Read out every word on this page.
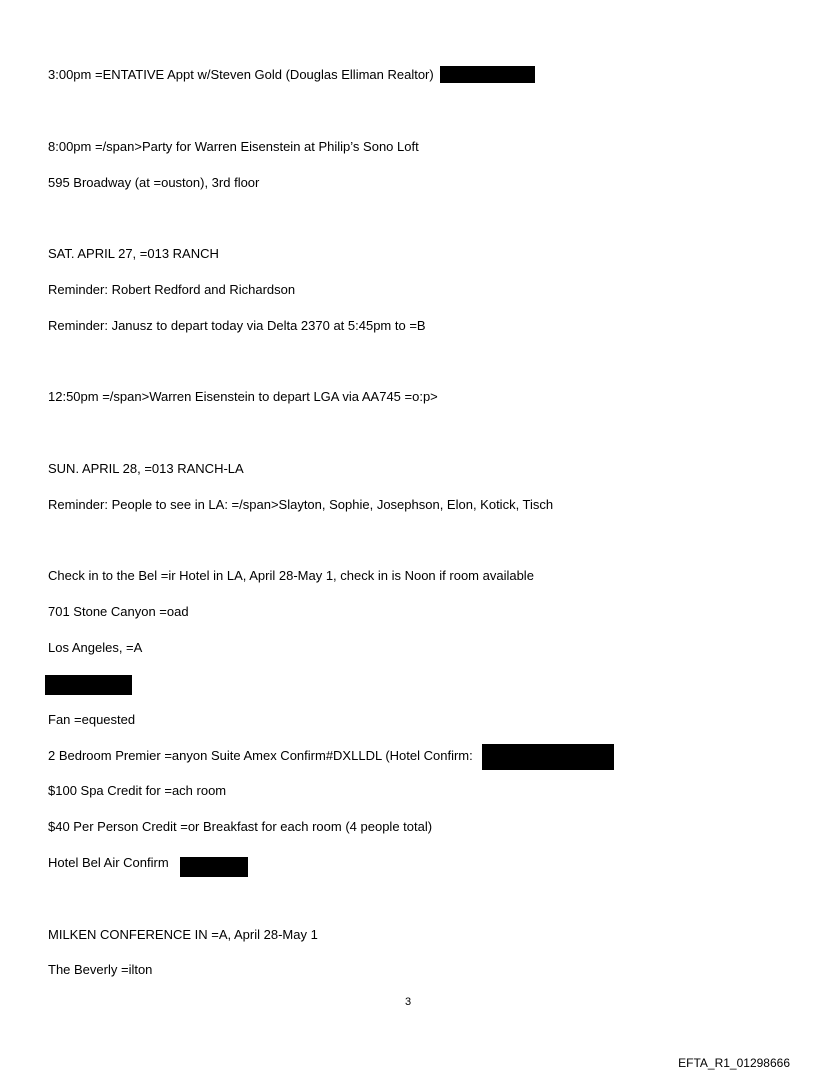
3:00pm =ENTATIVE Appt w/Steven Gold (Douglas Elliman Realtor)
8:00pm =/span>Party for Warren Eisenstein at Philip’s Sono Loft
595 Broadway (at =ouston), 3rd floor
SAT. APRIL 27, =013 RANCH
Reminder: Robert Redford and Richardson
Reminder: Janusz to depart today via Delta 2370 at 5:45pm to =B
12:50pm =/span>Warren Eisenstein to depart LGA via AA745 =o:p>
SUN. APRIL 28, =013 RANCH-LA
Reminder: People to see in LA: =/span>Slayton, Sophie, Josephson, Elon, Kotick, Tisch
Check in to the Bel =ir Hotel in LA, April 28-May 1, check in is Noon if room available
701 Stone Canyon =oad
Los Angeles, =A
Fan =equested
2 Bedroom Premier =anyon Suite Amex Confirm#DXLLDL (Hotel Confirm:
$100 Spa Credit for =ach room
$40 Per Person Credit =or Breakfast for each room (4 people total)
Hotel Bel Air Confirm
MILKEN CONFERENCE IN =A, April 28-May 1
The Beverly =ilton
3
EFTA_R1_01298666
